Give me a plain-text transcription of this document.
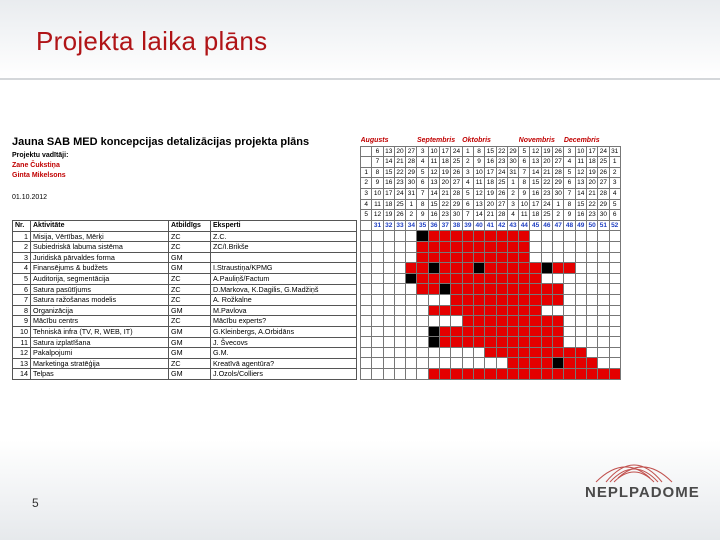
Projekta laika plāns
5
Jauna SAB MED koncepcijas detalizācijas projekta plāns
Projektu vadītāji:
Zane Čukstiņa
Ginta Mikelsons
01.10.2012
Nr.	Aktivitāte	Atbildīgs	Eksperti
1	Misija, Vērtības, Mērķi	ZC	Z.C.
2	Subiedriskā labuma sistēma	ZC	ZC/I.Brikše
3	Juridiskā pārvaldes forma	GM	
4	Finansējums & budžets	GM	I.Straustiņa/KPMG
5	Auditorija, segmentācija	ZC	A.Pauliņš/Factum
6	Satura pasūtījums	ZC	D.Markova, K.Dagilis, G.Madžiņš
7	Satura ražošanas modelis	ZC	A. Rožkalne
8	Organizācija	GM	M.Pavlova
9	Mācību centrs	ZC	Mācību experts?
10	Tehniskā infra (TV, R, WEB, IT)	GM	G.Kleinbergs, A.Orbidāns
11	Satura izplatīšana	GM	J. Švecovs
12	Pakalpojumi	GM	G.M.
13	Marketinga stratēģija	ZC	Kreatīvā agentūra?
14	Telpas	GM	J.Ozols/Colliers
Augusts					Septembris				Oktobris					Novembris				Decembris				
	6	13	20	27	3	10	17	24	1	8	15	22	29	5	12	19	26	3	10	17	24	31
	7	14	21	28	4	11	18	25	2	9	16	23	30	6	13	20	27	4	11	18	25	1
1	8	15	22	29	5	12	19	26	3	10	17	24	31	7	14	21	28	5	12	19	26	2
2	9	16	23	30	6	13	20	27	4	11	18	25	1	8	15	22	29	6	13	20	27	3
3	10	17	24	31	7	14	21	28	5	12	19	26	2	9	16	23	30	7	14	21	28	4
4	11	18	25	1	8	15	22	29	6	13	20	27	3	10	17	24	1	8	15	22	29	5
5	12	19	26	2	9	16	23	30	7	14	21	28	4	11	18	25	2	9	16	23	30	6
	31	32	33	34	35	36	37	38	39	40	41	42	43	44	45	46	47	48	49	50	51	52

NEPLPADOME
